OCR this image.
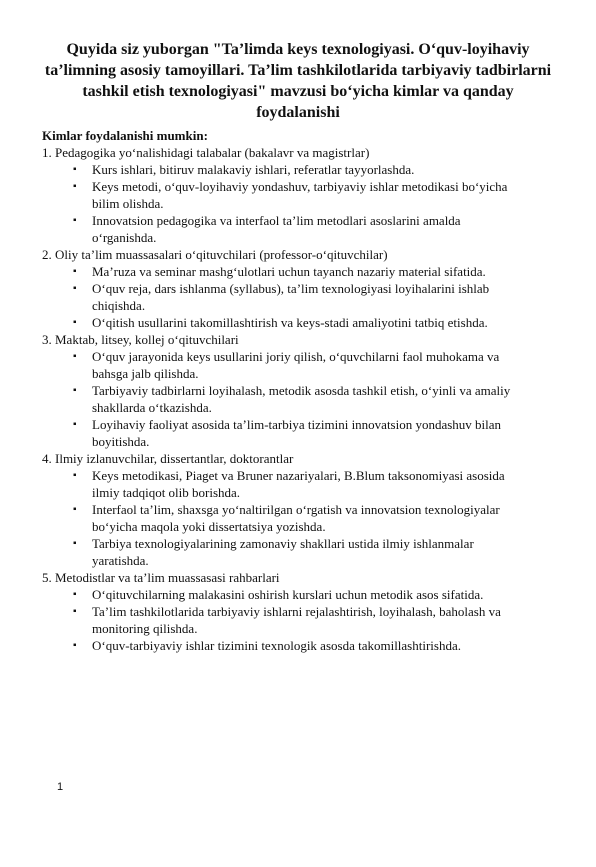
Quyida siz yuborgan "Ta’limda keys texnologiyasi. O‘quv-loyihaviy
ta’limning asosiy tamoyillari. Ta’lim tashkilotlarida tarbiyaviy tadbirlarni
tashkil etish texnologiyasi" mavzusi bo‘yicha kimlar va qanday
foydalanishi
Kimlar foydalanishi mumkin:
1. Pedagogika yo‘nalishidagi talabalar (bakalavr va magistrlar)
▪ Kurs ishlari, bitiruv malakaviy ishlari, referatlar tayyorlashda.
▪ Keys metodi, o‘quv-loyihaviy yondashuv, tarbiyaviy ishlar metodikasi bo‘yicha
bilim olishda.
▪ Innovatsion pedagogika va interfaol ta’lim metodlari asoslarini amalda
o‘rganishda.
2. Oliy ta’lim muassasalari o‘qituvchilari (professor-o‘qituvchilar)
▪ Ma’ruza va seminar mashg‘ulotlari uchun tayanch nazariy material sifatida.
▪ O‘quv reja, dars ishlanma (syllabus), ta’lim texnologiyasi loyihalarini ishlab
chiqishda.
▪ O‘qitish usullarini takomillashtirish va keys-stadi amaliyotini tatbiq etishda.
3. Maktab, litsey, kollej o‘qituvchilari
▪ O‘quv jarayonida keys usullarini joriy qilish, o‘quvchilarni faol muhokama va
bahsga jalb qilishda.
▪ Tarbiyaviy tadbirlarni loyihalash, metodik asosda tashkil etish, o‘yinli va amaliy
shakllarda o‘tkazishda.
▪ Loyihaviy faoliyat asosida ta’lim-tarbiya tizimini innovatsion yondashuv bilan
boyitishda.
4. Ilmiy izlanuvchilar, dissertantlar, doktorantlar
▪ Keys metodikasi, Piaget va Bruner nazariyalari, B.Blum taksonomiyasi asosida
ilmiy tadqiqot olib borishda.
▪ Interfaol ta’lim, shaxsga yo‘naltirilgan o‘rgatish va innovatsion texnologiyalar
bo‘yicha maqola yoki dissertatsiya yozishda.
▪ Tarbiya texnologiyalarining zamonaviy shakllari ustida ilmiy ishlanmalar
yaratishda.
5. Metodistlar va ta’lim muassasasi rahbarlari
▪ O‘qituvchilarning malakasini oshirish kurslari uchun metodik asos sifatida.
▪ Ta’lim tashkilotlarida tarbiyaviy ishlarni rejalashtirish, loyihalash, baholash va
monitoring qilishda.
▪ O‘quv-tarbiyaviy ishlar tizimini texnologik asosda takomillashtirishda.
1
